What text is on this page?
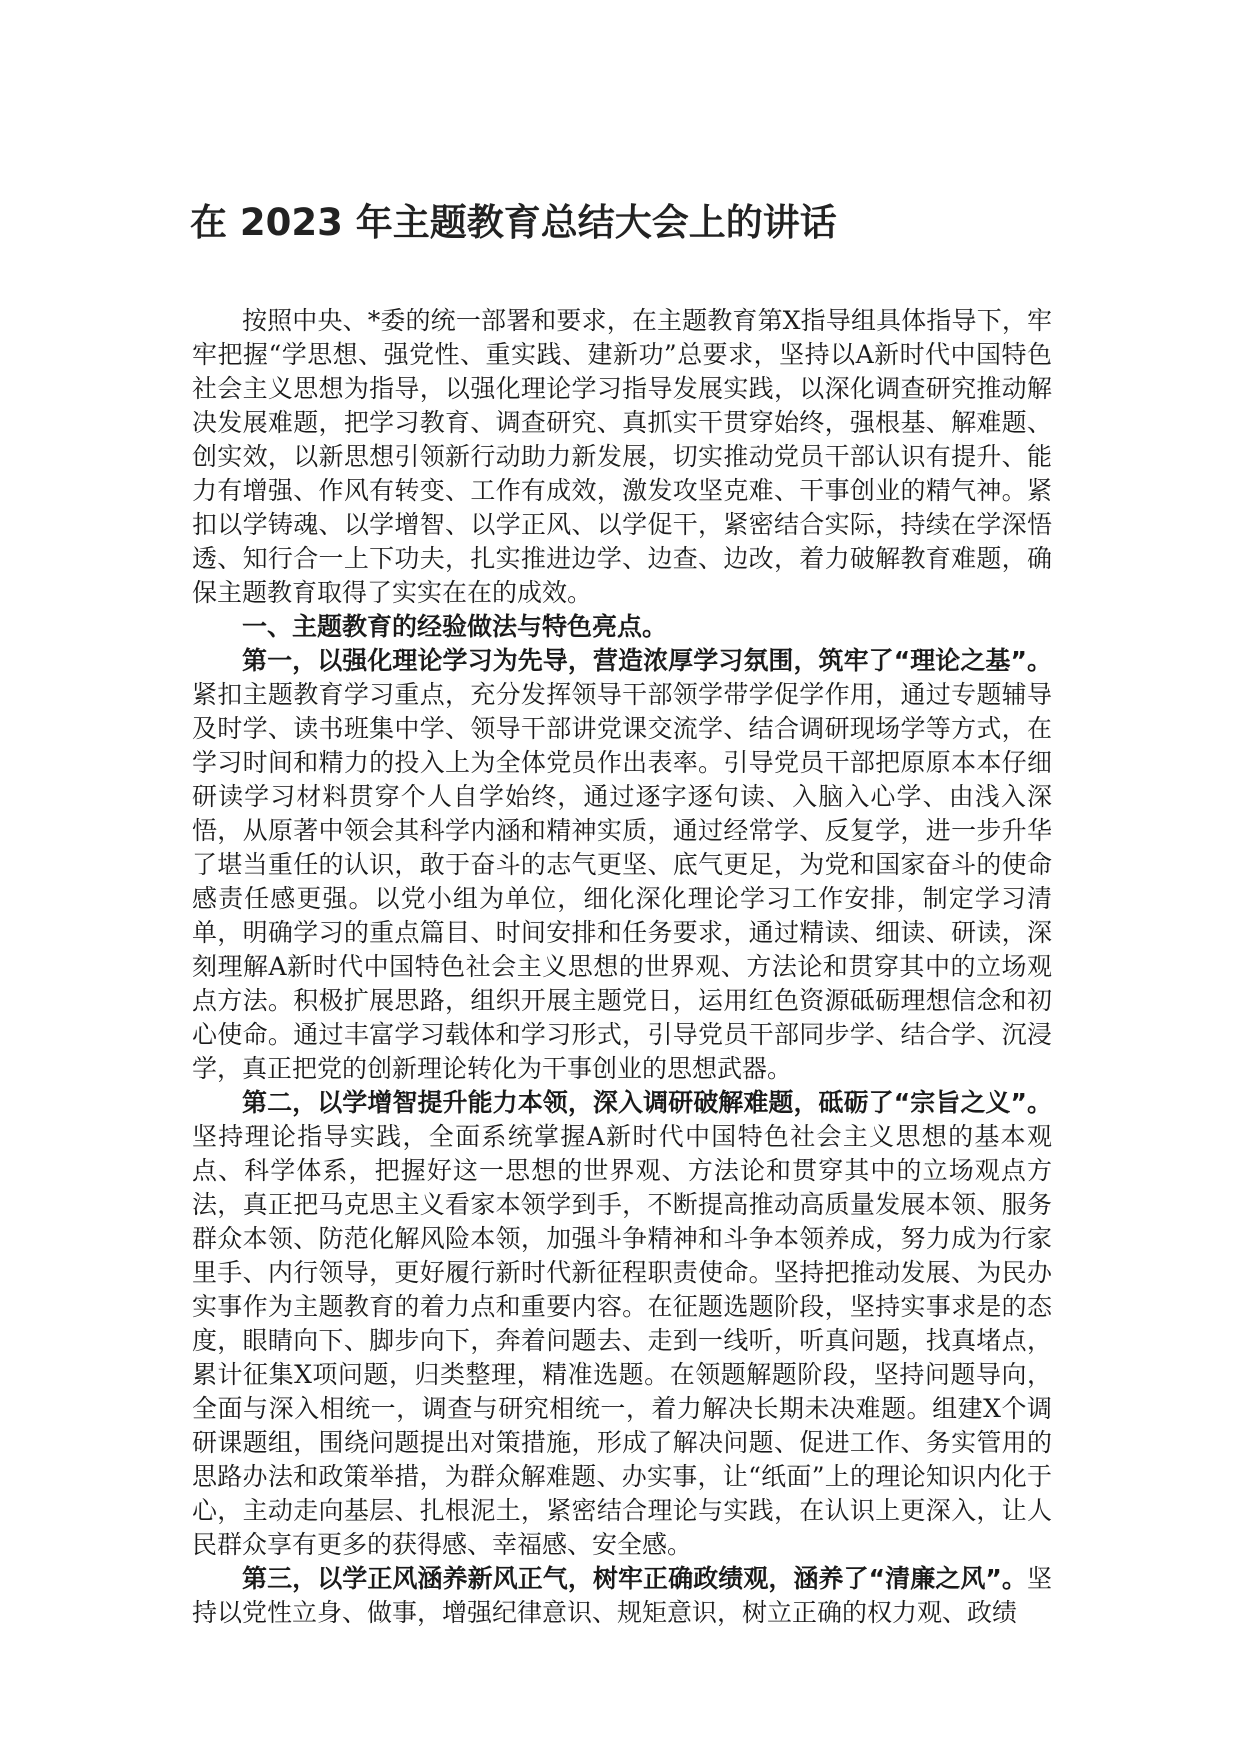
在 2023 年主题教育总结大会上的讲话

按照中央、*委的统一部署和要求，在主题教育第X指导组具体指导下，牢牢把握“学思想、强党性、重实践、建新功”总要求，坚持以A新时代中国特色社会主义思想为指导，以强化理论学习指导发展实践，以深化调查研究推动解决发展难题，把学习教育、调查研究、真抓实干贯穿始终，强根基、解难题、创实效，以新思想引领新行动助力新发展，切实推动党员干部认识有提升、能力有增强、作风有转变、工作有成效，激发攻坚克难、干事创业的精气神。紧扣以学铸魂、以学增智、以学正风、以学促干，紧密结合实际，持续在学深悟透、知行合一上下功夫，扎实推进边学、边查、边改，着力破解教育难题，确保主题教育取得了实实在在的成效。

一、主题教育的经验做法与特色亮点。

第一，以强化理论学习为先导，营造浓厚学习氛围，筑牢了“理论之基”。紧扣主题教育学习重点，充分发挥领导干部领学带学促学作用，通过专题辅导及时学、读书班集中学、领导干部讲党课交流学、结合调研现场学等方式，在学习时间和精力的投入上为全体党员作出表率。引导党员干部把原原本本仔细研读学习材料贯穿个人自学始终，通过逐字逐句读、入脑入心学、由浅入深悟，从原著中领会其科学内涵和精神实质，通过经常学、反复学，进一步升华了堪当重任的认识，敢于奋斗的志气更坚、底气更足，为党和国家奋斗的使命感责任感更强。以党小组为单位，细化深化理论学习工作安排，制定学习清单，明确学习的重点篇目、时间安排和任务要求，通过精读、细读、研读，深刻理解A新时代中国特色社会主义思想的世界观、方法论和贯穿其中的立场观点方法。积极扩展思路，组织开展主题党日，运用红色资源砥砺理想信念和初心使命。通过丰富学习载体和学习形式，引导党员干部同步学、结合学、沉浸学，真正把党的创新理论转化为干事创业的思想武器。

第二，以学增智提升能力本领，深入调研破解难题，砥砺了“宗旨之义”。坚持理论指导实践，全面系统掌握A新时代中国特色社会主义思想的基本观点、科学体系，把握好这一思想的世界观、方法论和贯穿其中的立场观点方法，真正把马克思主义看家本领学到手，不断提高推动高质量发展本领、服务群众本领、防范化解风险本领，加强斗争精神和斗争本领养成，努力成为行家里手、内行领导，更好履行新时代新征程职责使命。坚持把推动发展、为民办实事作为主题教育的着力点和重要内容。在征题选题阶段，坚持实事求是的态度，眼睛向下、脚步向下，奔着问题去、走到一线听，听真问题，找真堵点，累计征集X项问题，归类整理，精准选题。在领题解题阶段，坚持问题导向，全面与深入相统一，调查与研究相统一，着力解决长期未决难题。组建X个调研课题组，围绕问题提出对策措施，形成了解决问题、促进工作、务实管用的思路办法和政策举措，为群众解难题、办实事，让“纸面”上的理论知识内化于心，主动走向基层、扎根泥土，紧密结合理论与实践，在认识上更深入，让人民群众享有更多的获得感、幸福感、安全感。

第三，以学正风涵养新风正气，树牢正确政绩观，涵养了“清廉之风”。坚持以党性立身、做事，增强纪律意识、规矩意识，树立正确的权力观、政绩
